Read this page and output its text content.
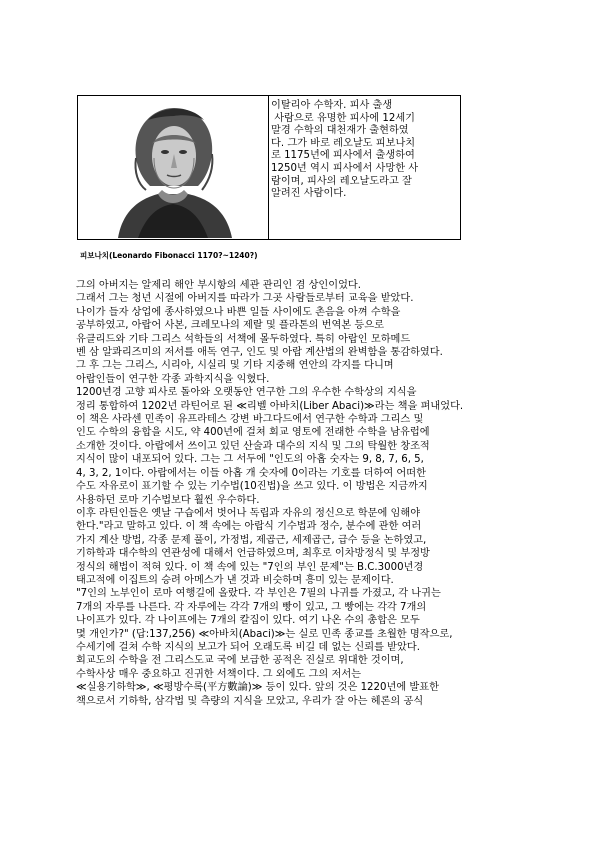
이탈리아 수학자. 피사 출생
사람으로 유명한 피사에 12세기
말경 수학의 대천재가 출현하였
다. 그가 바로 레오날도 피보나치
로 1175년에 피사에서 출생하여
1250년 역시 피사에서 사망한 사
람이며, 피사의 레오날도라고 잘
알려진 사람이다.
피보나치(Leonardo Fibonacci 1170?~1240?)
그의 아버지는 알제리 해안 부시항의 세관 관리인 겸 상인이었다.
그래서 그는 청년 시절에 아버지를 따라가 그곳 사람들로부터 교육을 받았다.
나이가 들자 상업에 종사하였으나 바쁜 일들 사이에도 촌음을 아껴 수학을
공부하였고, 아랍어 사본, 크레모나의 제랄 및 플라톤의 번역본 등으로
유클리드와 기타 그리스 석학들의 서책에 몰두하였다. 특히 아랍인 모하메드
벤 삼 알콰리즈미의 저서를 애독 연구, 인도 및 아랍 계산법의 완벽함을 통감하였다.
그 후 그는 그리스, 시리아, 시실리 및 기타 지중해 연안의 각지를 다니며
아랍인들이 연구한 각종 과학지식을 익혔다.
1200년경 고향 피사로 돌아와 오랫동안 연구한 그의 우수한 수학상의 지식을
정리 통합하여 1202년 라틴어로 된 ≪리벨 아바치(Liber Abaci)≫라는 책을 펴내었다.
이 책은 사라센 민족이 유프라테스 강변 바그다드에서 연구한 수학과 그리스 및
인도 수학의 융합을 시도, 약 400년에 걸쳐 회교 영토에 전래한 수학을 남유럽에
소개한 것이다. 아랍에서 쓰이고 있던 산술과 대수의 지식 및 그의 탁월한 창조적
지식이 많이 내포되어 있다. 그는 그 서두에 "인도의 아홉 숫자는 9, 8, 7, 6, 5,
4, 3, 2, 1이다. 아랍에서는 이들 아홉 개 숫자에 0이라는 기호를 더하여 어떠한
수도 자유로이 표기할 수 있는 기수법(10진법)을 쓰고 있다. 이 방법은 지금까지
사용하던 로마 기수법보다 훨씬 우수하다.
이후 라틴인들은 옛날 구습에서 벗어나 독립과 자유의 정신으로 학문에 임해야
한다."라고 말하고 있다. 이 책 속에는 아랍식 기수법과 정수, 분수에 관한 여러
가지 계산 방법, 각종 문제 풀이, 가정법, 제곱근, 세제곱근, 급수 등을 논하였고,
기하학과 대수학의 연관성에 대해서 언급하였으며, 최후로 이차방정식 및 부정방
정식의 해법이 적혀 있다. 이 책 속에 있는 "7인의 부인 문제"는 B.C.3000년경
태고적에 이집트의 승려 아메스가 낸 것과 비슷하며 흥미 있는 문제이다.
"7인의 노부인이 로마 여행길에 올랐다. 각 부인은 7필의 나귀를 가졌고, 각 나귀는
7개의 자루를 나른다. 각 자루에는 각각 7개의 빵이 있고, 그 빵에는 각각 7개의
나이프가 있다. 각 나이프에는 7개의 칼집이 있다. 여기 나온 수의 총합은 모두
몇 개인가?" (답:137,256) ≪아바치(Abaci)≫는 실로 민족 종교를 초월한 명작으로,
수세기에 걸쳐 수학 지식의 보고가 되어 오래도록 비길 데 없는 신뢰를 받았다.
회교도의 수학을 전 그리스도교 국에 보급한 공적은 진실로 위대한 것이며,
수학사상 매우 중요하고 진귀한 서책이다. 그 외에도 그의 저서는
≪실용기하학≫, ≪평방수록(平方數論)≫ 등이 있다. 앞의 것은 1220년에 발표한
책으로서 기하학, 삼각법 및 측량의 지식을 모았고, 우리가 잘 아는 헤론의 공식
